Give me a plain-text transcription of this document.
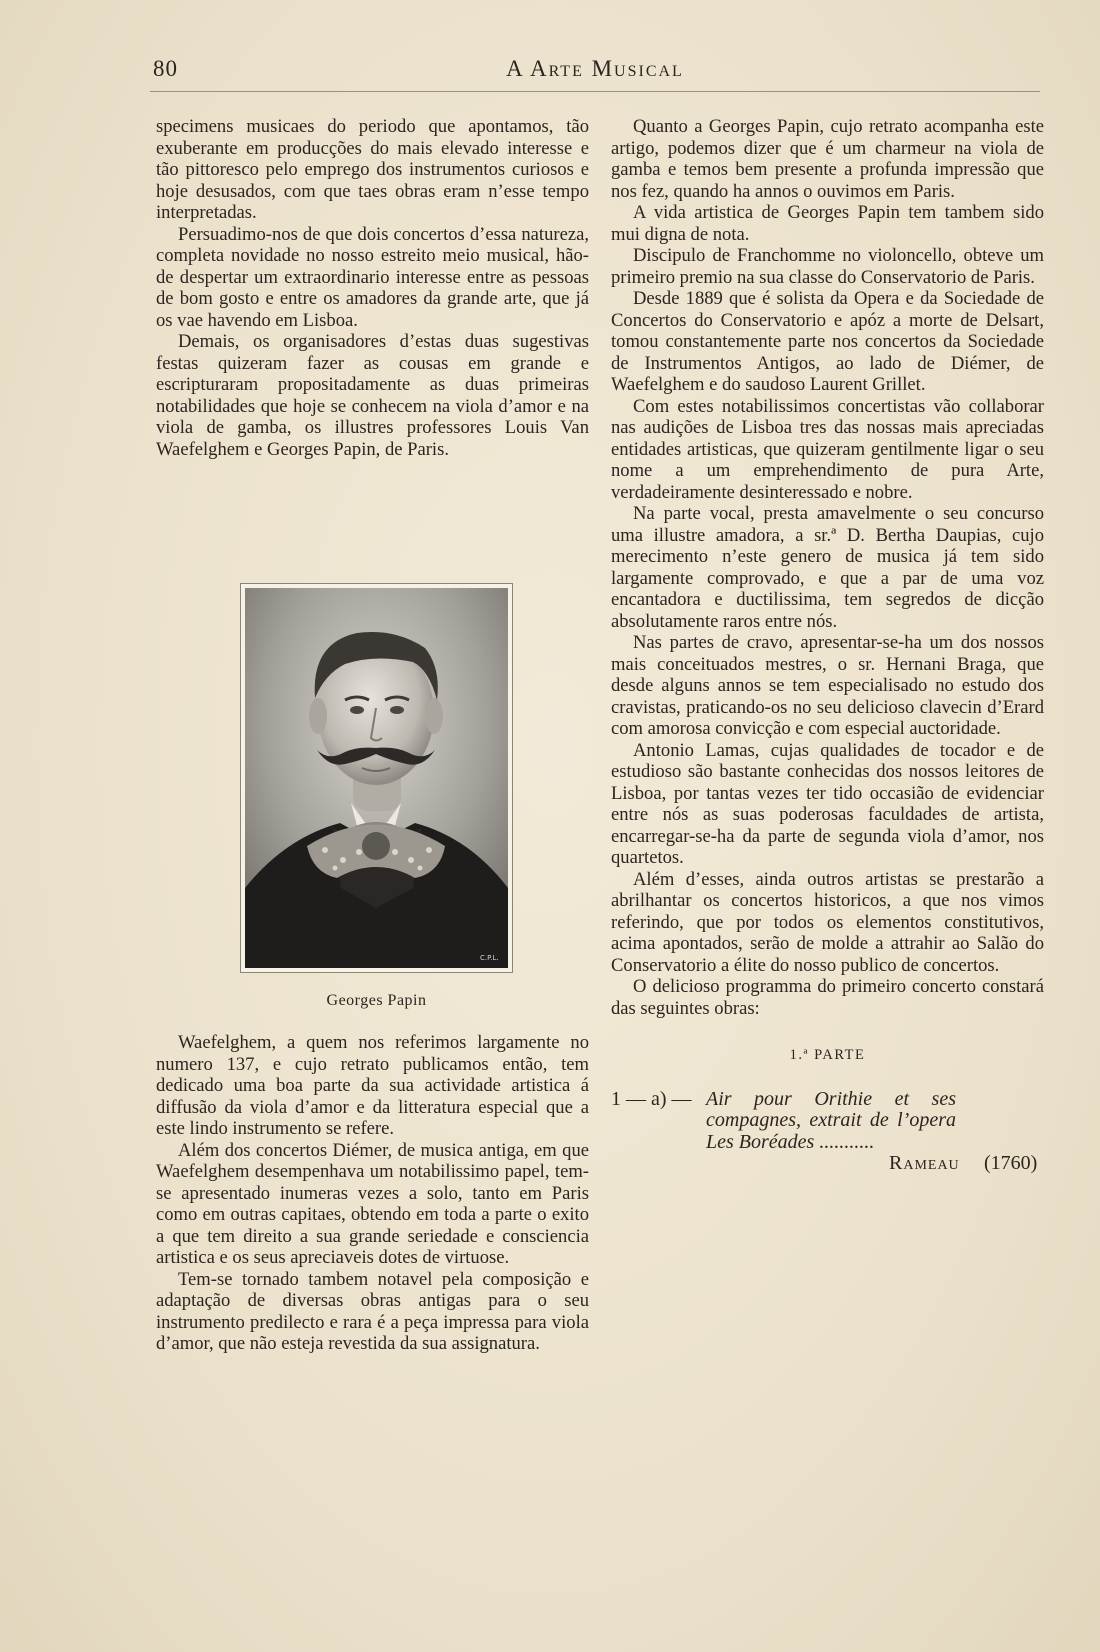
80	A Arte Musical

specimens musicaes do periodo que apontamos, tão exuberante em producções do mais elevado interesse e tão pittoresco pelo emprego dos instrumentos curiosos e hoje desusados, com que taes obras eram n’esse tempo interpretadas.

Persuadimo-nos de que dois concertos d’essa natureza, completa novidade no nosso estreito meio musical, hão-de despertar um extraordinario interesse entre as pessoas de bom gosto e entre os amadores da grande arte, que já os vae havendo em Lisboa.

Demais, os organisadores d’estas duas sugestivas festas quizeram fazer as cousas em grande e escripturaram propositadamente as duas primeiras notabilidades que hoje se conhecem na viola d’amor e na viola de gamba, os illustres professores Louis Van Waefelghem e Georges Papin, de Paris.

C.P.L.
Georges Papin

Waefelghem, a quem nos referimos largamente no numero 137, e cujo retrato publicamos então, tem dedicado uma boa parte da sua actividade artistica á diffusão da viola d’amor e da litteratura especial que a este lindo instrumento se refere.

Além dos concertos Diémer, de musica antiga, em que Waefelghem desempenhava um notabilissimo papel, tem-se apresentado inumeras vezes a solo, tanto em Paris como em outras capitaes, obtendo em toda a parte o exito a que tem direito a sua grande seriedade e consciencia artistica e os seus apreciaveis dotes de virtuose.

Tem-se tornado tambem notavel pela composição e adaptação de diversas obras antigas para o seu instrumento predilecto e rara é a peça impressa para viola d’amor, que não esteja revestida da sua assignatura.

Quanto a Georges Papin, cujo retrato acompanha este artigo, podemos dizer que é um charmeur na viola de gamba e temos bem presente a profunda impressão que nos fez, quando ha annos o ouvimos em Paris.

A vida artistica de Georges Papin tem tambem sido mui digna de nota.

Discipulo de Franchomme no violoncello, obteve um primeiro premio na sua classe do Conservatorio de Paris.

Desde 1889 que é solista da Opera e da Sociedade de Concertos do Conservatorio e apóz a morte de Delsart, tomou constantemente parte nos concertos da Sociedade de Instrumentos Antigos, ao lado de Diémer, de Waefelghem e do saudoso Laurent Grillet.

Com estes notabilissimos concertistas vão collaborar nas audições de Lisboa tres das nossas mais apreciadas entidades artisticas, que quizeram gentilmente ligar o seu nome a um emprehendimento de pura Arte, verdadeiramente desinteressado e nobre.

Na parte vocal, presta amavelmente o seu concurso uma illustre amadora, a sr.ª D. Bertha Daupias, cujo merecimento n’este genero de musica já tem sido largamente comprovado, e que a par de uma voz encantadora e ductilissima, tem segredos de dicção absolutamente raros entre nós.

Nas partes de cravo, apresentar-se-ha um dos nossos mais conceituados mestres, o sr. Hernani Braga, que desde alguns annos se tem especialisado no estudo dos cravistas, praticando-os no seu delicioso clavecin d’Erard com amorosa convicção e com especial auctoridade.

Antonio Lamas, cujas qualidades de tocador e de estudioso são bastante conhecidas dos nossos leitores de Lisboa, por tantas vezes ter tido occasião de evidenciar entre nós as suas poderosas faculdades de artista, encarregar-se-ha da parte de segunda viola d’amor, nos quartetos.

Além d’esses, ainda outros artistas se prestarão a abrilhantar os concertos historicos, a que nos vimos referindo, que por todos os elementos constitutivos, acima apontados, serão de molde a attrahir ao Salão do Conservatorio a élite do nosso publico de concertos.

O delicioso programma do primeiro concerto constará das seguintes obras:

1.ª PARTE
1 — a) — Air pour Orithie et ses compagnes, extrait de l’opera Les Boréades ...........
Rameau (1760)
